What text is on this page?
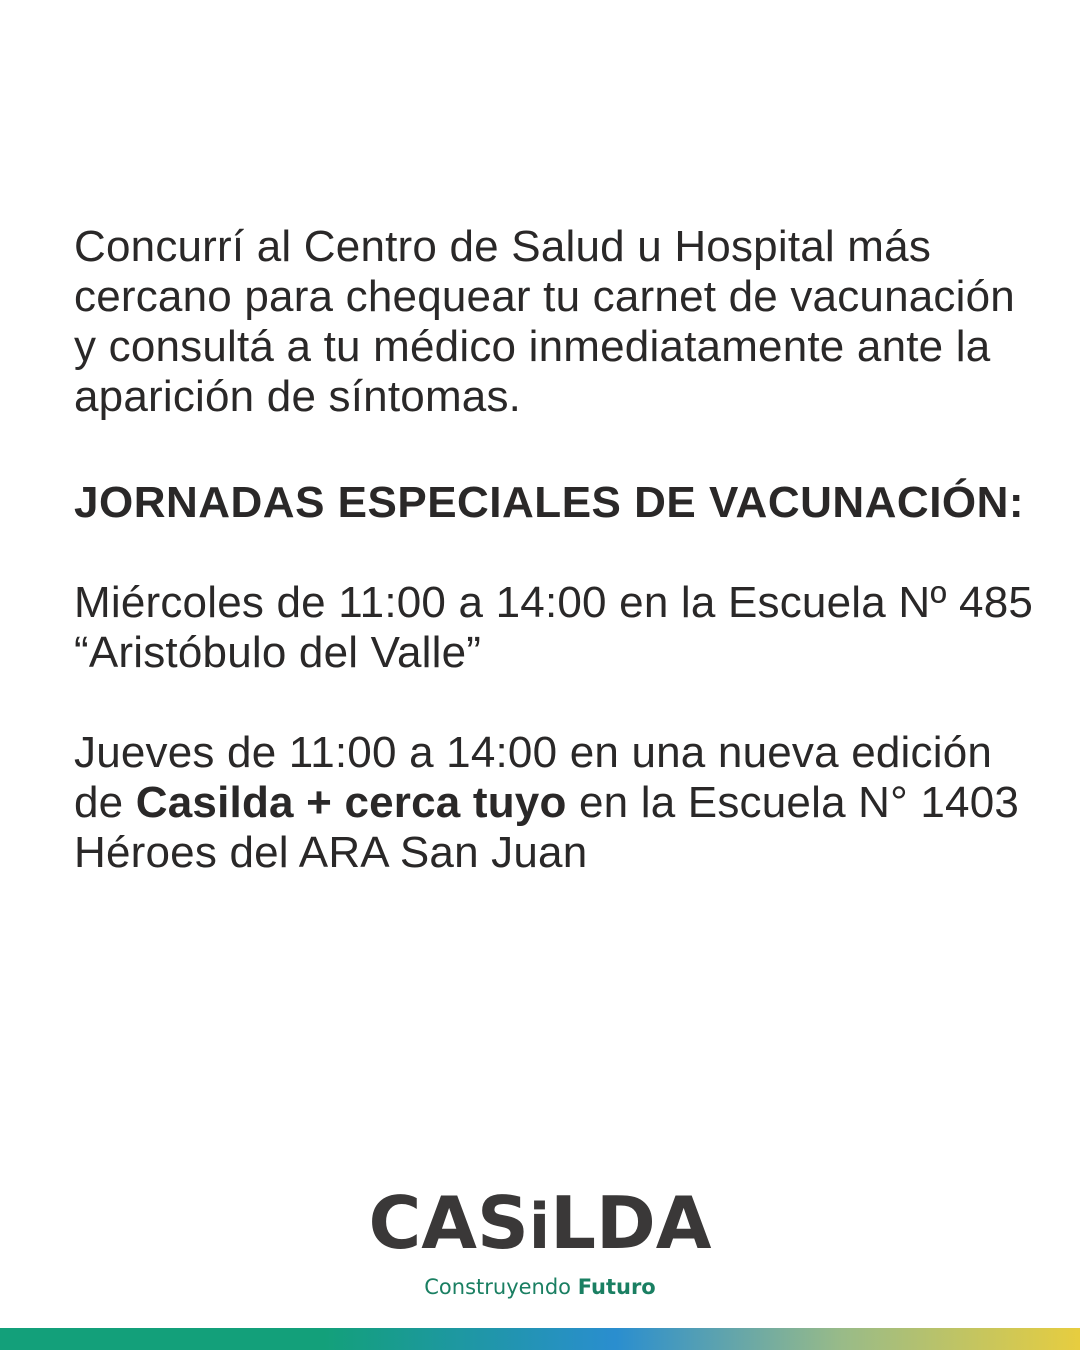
Concurrí al Centro de Salud u Hospital más cercano para chequear tu carnet de vacunación y consultá a tu médico inmediatamente ante la aparición de síntomas.

JORNADAS ESPECIALES DE VACUNACIÓN:

Miércoles de 11:00 a 14:00 en la Escuela Nº 485 “Aristóbulo del Valle”

Jueves de 11:00 a 14:00 en una nueva edición de Casilda + cerca tuyo en la Escuela N° 1403 Héroes del ARA San Juan

CASiLDA
Construyendo Futuro
